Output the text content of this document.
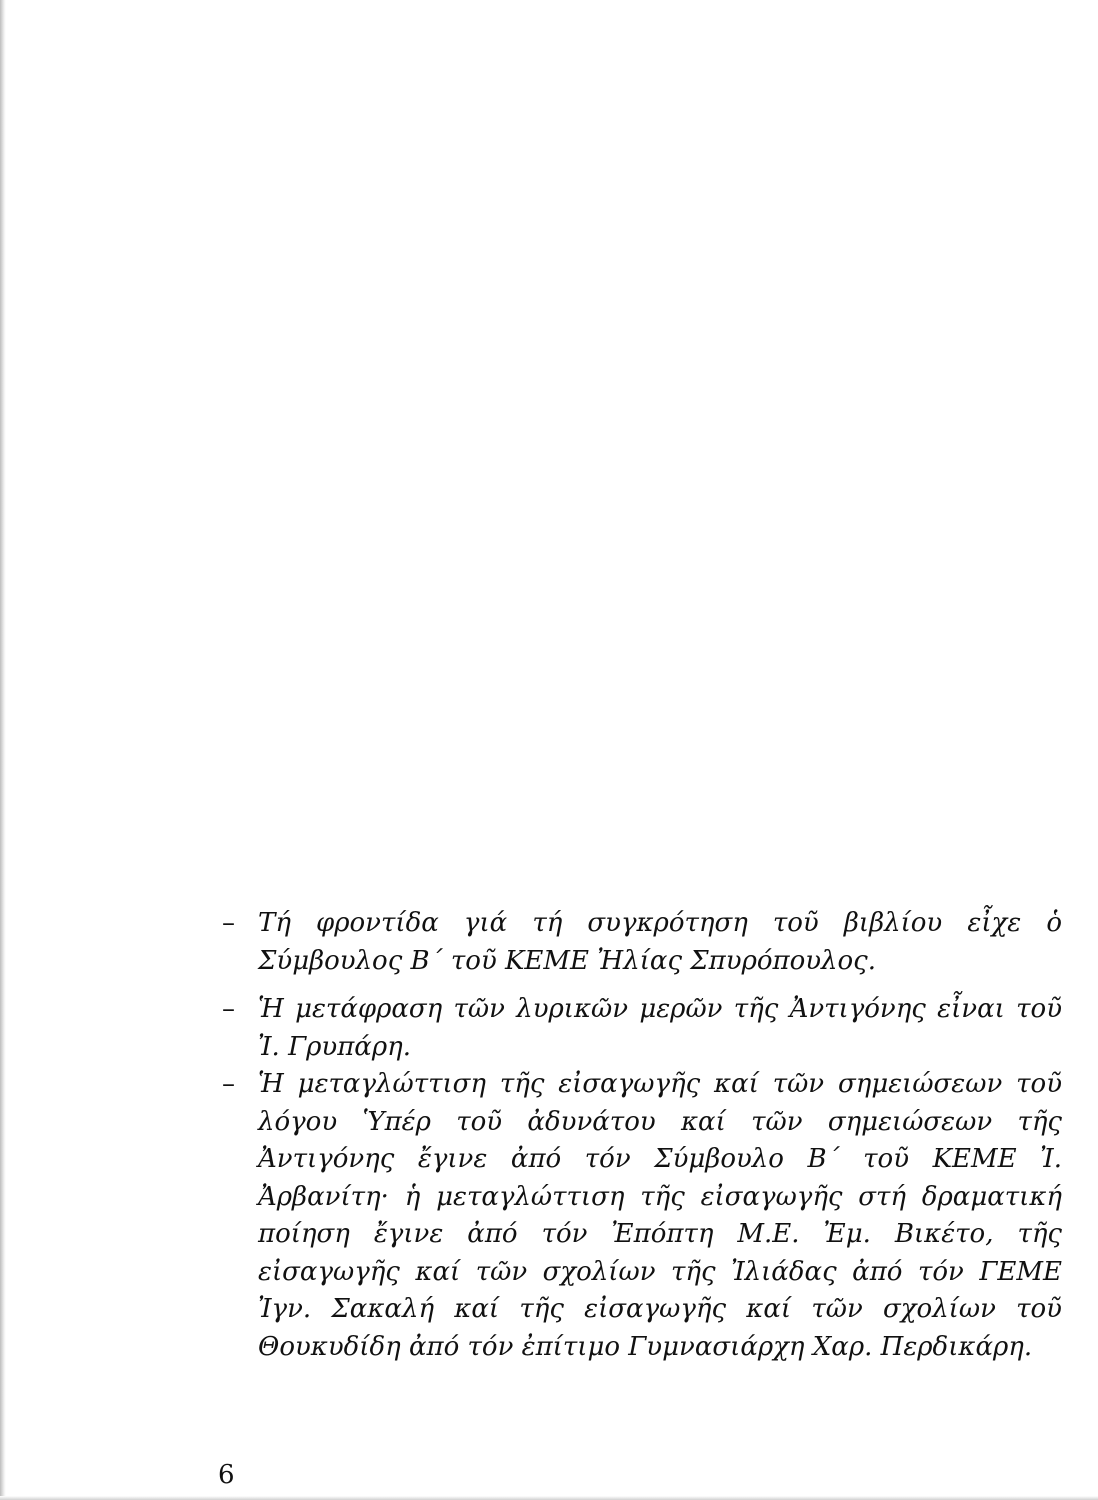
– Τή φροντίδα γιά τή συγκρότηση τοῦ βιβλίου εἶχε ὁ Σύμβουλος Β΄ τοῦ ΚΕΜΕ Ἠλίας Σπυρόπουλος.
– Ἡ μετάφραση τῶν λυρικῶν μερῶν τῆς Ἀντιγόνης εἶναι τοῦ Ἰ. Γρυπάρη.
– Ἡ μεταγλώττιση τῆς εἰσαγωγῆς καί τῶν σημειώσεων τοῦ λόγου Ὑπέρ τοῦ ἀδυνάτου καί τῶν σημειώσεων τῆς Ἀντιγόνης ἔγινε ἀπό τόν Σύμβουλο Β΄ τοῦ ΚΕΜΕ Ἰ. Ἀρβανίτη· ἡ μεταγλώττιση τῆς εἰσαγωγῆς στή δραματική ποίηση ἔγινε ἀπό τόν Ἐπόπτη Μ.Ε. Ἐμ. Βικέτο, τῆς εἰσαγωγῆς καί τῶν σχολίων τῆς Ἰλιάδας ἀπό τόν ΓΕΜΕ Ἰγν. Σακαλή καί τῆς εἰσαγωγῆς καί τῶν σχολίων τοῦ Θουκυδίδη ἀπό τόν ἐπίτιμο Γυμνασιάρχη Χαρ. Περδικάρη.
6
